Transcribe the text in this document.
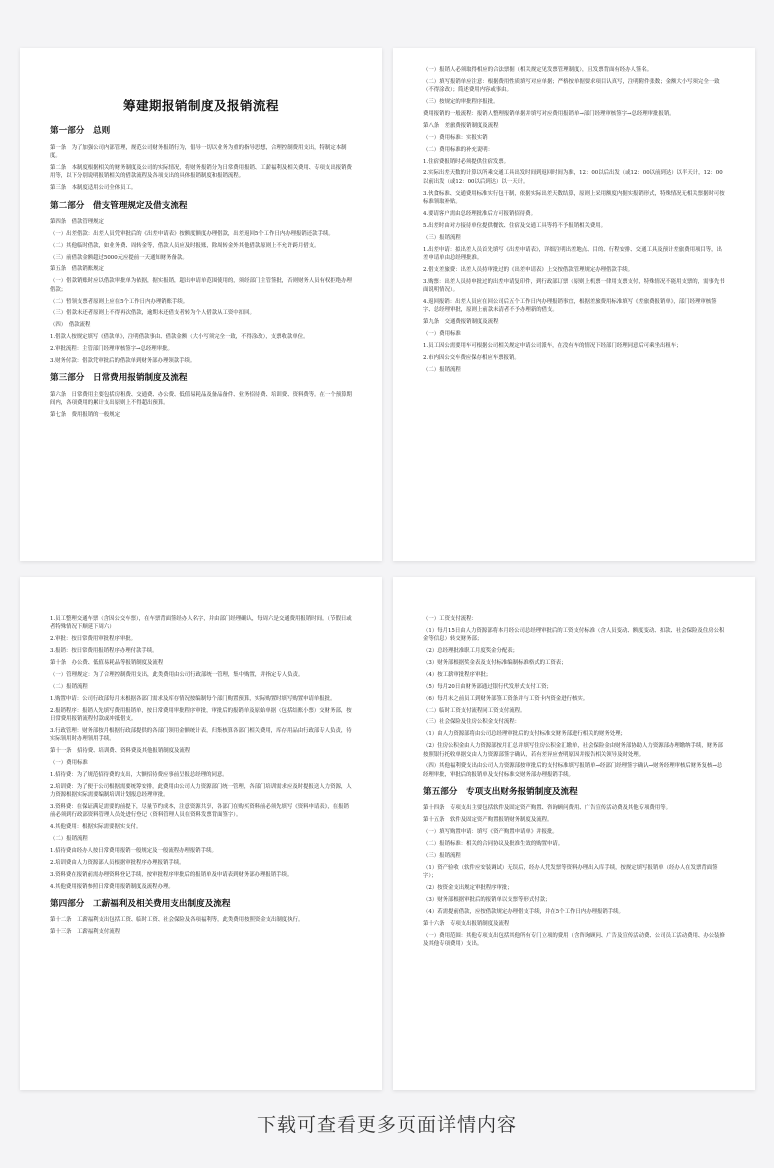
筹建期报销制度及报销流程
第一部分　总则
第一条　为了加强公司内部管理，规范公司财务报销行为，倡导一切以业务为重的指导思想，合理控制费用支出，特制定本制度。
第二条　本制度根据相关的财务制度及公司的实际情况，将财务报销分为日常费用报销、工薪福利及相关费用、专项支出报销费用等，以下分别说明报销相关的借款流程及各项支出的具体报销制度和报销流程。
第三条　本制度适用公司全体员工。
第二部分　借支管理规定及借支流程
第四条　借款管理规定
（一）出差借款：出差人员凭审批后的《出差申请表》按额度额度办理借款，出差返回5个工作日内办理报销还款手续。
（二）其他临时借款，如业务费、周转金等，借款人员应及时报账，除周转金外其他借款原则上不允许跨月借支。
（三）前借款金额超过5000元应提前一天通知财务备款。
第五条　借款销账规定
（一）借款销账时应以借款审批单为依据，据实报销，超出申请单范围使用的，须经部门主管签批，否则财务人员有权拒绝办理借款；
（二）暂领支票者原则上应在5个工作日内办理销账手续。
（三）借款未还者原则上不得再次借款，逾期未还借支者转为个人借款从工资中扣回。
（四）　借款流程
1.借款人按规定填写《借款单》，注明借款事由、借款金额（大小写须完全一致，不得涂改），支票收款单位。
2.审批流程：主管部门经理审核签字→总经理审批。
3.财务付款：借款凭审批后的借款单到财务部办理领款手续。
第三部分　日常费用报销制度及流程
第六条　日常费用主要包括房租费、交通费、办公费、低值易耗品及备品备件、业务招待费、培训费、资料费等。在一个预算期间内，各项费用的累计支出原则上不得超出预算。
第七条　费用报销的一般规定
（一）报销人必须取得相应的合法票据（相关规定见发票管理制度），且发票背面有经办人签名。
（二）填写报销单应注意：根据费用性质填写对应单据；严格按单据要求项目认真写，注明附件张数；金额大小写须完全一致（不得涂改）；简述费用内容或事由。
（三）按规定的审批程序报批。
费用报销的一般流程：报销人整理报销单据并填写对应费用报销单→部门经理审核签字→总经理审批报销。
第八条　差旅费报销制度及流程
（一）费用标准：实报实销
（二）费用标准的补充说明：
1.住宿费报销时必须提供住宿发票。
2.实际出差天数的计算以所乘交通工具出发时间到返回时间为准，12：00以后出发（或12：00以前到达）以半天计，12：00以前出发（或12：00以后到达）以一天计。
3.伙食标准、交通费用标准实行包干制，依据实际出差天数结算，原则上采用额度内据实报销形式，特殊情况无相关票据时可按标准领取补贴。
4.要请客户需由总经理批准后方可报销招待费。
5.出差时由对方接待单位提供餐饮、住宿及交通工具等将不予报销相关费用。
（三）报销流程
1.出差申请：拟出差人员首先填写《出差申请表》，详细注明出差地点、目的、行程安排、交通工具及预计差旅费用项目等，出差申请单由总经理批准。
2.借支差旅费：出差人员持审批过的《出差申请表》上交按借款管理规定办理借款手续。
3.购票：出差人员持申批过的出差申请复印件，到行政部订票（原则上机票一律用支票支付，特殊情况不能用支票的，需事先书面说明情况）。
4.返回报销：出差人员应在回公司后五个工作日内办理报销事宜，根据差旅费用标准填写《差旅费报销单》，部门经理审核签字、总经理审批，原则上前款未清者不予办理新的借支。
第九条　交通费报销制度及流程
（一）费用标准
1.员工因公需要用车可根据公司相关规定申请公司派车，在没有车的情况下经部门经理同意后可乘坐出租车；
2.市内因公交车费应保存相应车票报销。
（二）报销流程
1.员工整理交通车票（含因公交车票），在车票背面签经办人名字，并由部门经理确认，每周六是交通费用报销时间。（节假日或者特殊情况下顺延下周六）
2.审批：按日常费用审批程序审批。
3.报销：按日常费用报销程序办理付款手续。
第十条　办公费、低值易耗品等报销制度及流程
（一）管理规定：为了合理控制费用支出，此类费用由公司行政部统一管理，集中购置，并指定专人负责。
（二）报销流程
1.购置申请：公司行政部每月末根据各部门需求及库存情况按编制每个部门购置预算，实际购置时填写购置申请单报批。
2.报销程序：报销人先填写费用报销单，按日常费用审批程序审批，审批后的报销单及原始单据（包括结账小票）交财务部，按日常费用报销流程付款或冲抵借支。
3.行政管理：财务部按月根据行政部提供的各部门领用金额统计表，归集核算各部门相关费用，库存用品由行政部专人负责，待实际领用时办理领用手续。
第十一条　招待费、培训费、资料费及其他报销制度及流程
（一）费用标准
1.招待费：为了规范招待费的支出，大额招待费应事前呈报总经理的同意。
2.培训费：为了便于公司根据需要统筹安排，此费用由公司人力资源部门统一管理，各部门培训需求应及时提报送人力资源，人力资源根据实际需要编制培训计划报总经理审批。
3.资料费：在保证满足需要的前提下，尽量节约成本，注意资源共享，各部门在购买资料前必须先填写《资料申请表》，在报销前必须到行政部资料管理人员处进行登记（资料管理人员在资料发票背面签字）。
4.其他费用：根据实际需要据实支付。
（二）报销流程
1.招待费由经办人按日常费用报销一般规定及一般流程办理报销手续。
2.培训费由人力资源部人员根据审批程序办理报销手续。
3.资料费在报销前需办理资料登记手续，按审批程序审批后的报销单及申请表到财务部办理报销手续。
4.其他费用报销参照日常费用报销制度及流程办理。
第四部分　工薪福利及相关费用支出制度及流程
第十二条　工薪福利支出包括工资、临时工资、社会保险及各项福利等，此类费用按照资金支出制度执行。
第十三条　工薪福利支付流程
（一）工资支付流程：
（1）每月15日由人力资源部将本月经公司总经理审批后的工资支付标准（含人员变动、额度变动、扣款、社会保险及住房公积金等信息）转交财务部；
（2）总经理批准职工月度奖金分配表；
（3）财务部根据奖金表及支付标准编制标准格式的工资表；
（4）按工薪审批程序审批；
（5）每月20日由财务部通过银行代发形式支付工资；
（6）每月末之前员工到财务部签工资条并与工资卡内资金进行核实。
（二）临时工资支付流程同工资支付流程。
（三）社会保险及住房公积金支付流程：
（1）由人力资源部将由公司总经理审批后的支付标准交财务部进行相关的财务处理；
（2）住房公积金由人力资源部按月汇总并填写住房公积金汇缴单，社会保险金由财务部协助人力资源部办理缴纳手续，财务部按照银行托收单据交由人力资源部签字确认，若有差异应查明原因并报告相关领导及时处理。
（四）其他福利费支出由公司人力资源部按审批后的支付标准填写报销单→经部门经理签字确认→财务经理审核后财务复核→总经理审批，审批后的报销单及支付标准交财务部办理报销手续。
第五部分　专项支出财务报销制度及流程
第十四条　专项支出主要包括软件及固定资产购置、咨询顾问费用、广告宣传活动费及其他专项费用等。
第十五条　软件及固定资产购置报销财务制度及流程。
（一）填写购置申请：填写《资产购置申请单》并报批。
（二）报销标准：相关的合同协议及批准生效的购置申请。
（三）报销流程
（1）资产验收（软件应安装调试）无误后，经办人凭发票等资料办理出入库手续，按规定填写报销单（经办人在发票背面签字）；
（2）按资金支出规定审批程序审批；
（3）财务部根据审批后的报销单以支票等形式付款；
（4）若需提前借款，应按借款规定办理借支手续，并在5个工作日内办理报销手续。
第十六条　专项支出报销制度及流程
（一）费用范围：其他专项支出包括其他所有专门立项的费用（含咨询顾问、广告及宣传活动费、公司员工活动费用、办公装修及其他专项费用）支出。
下载可查看更多页面详情内容
